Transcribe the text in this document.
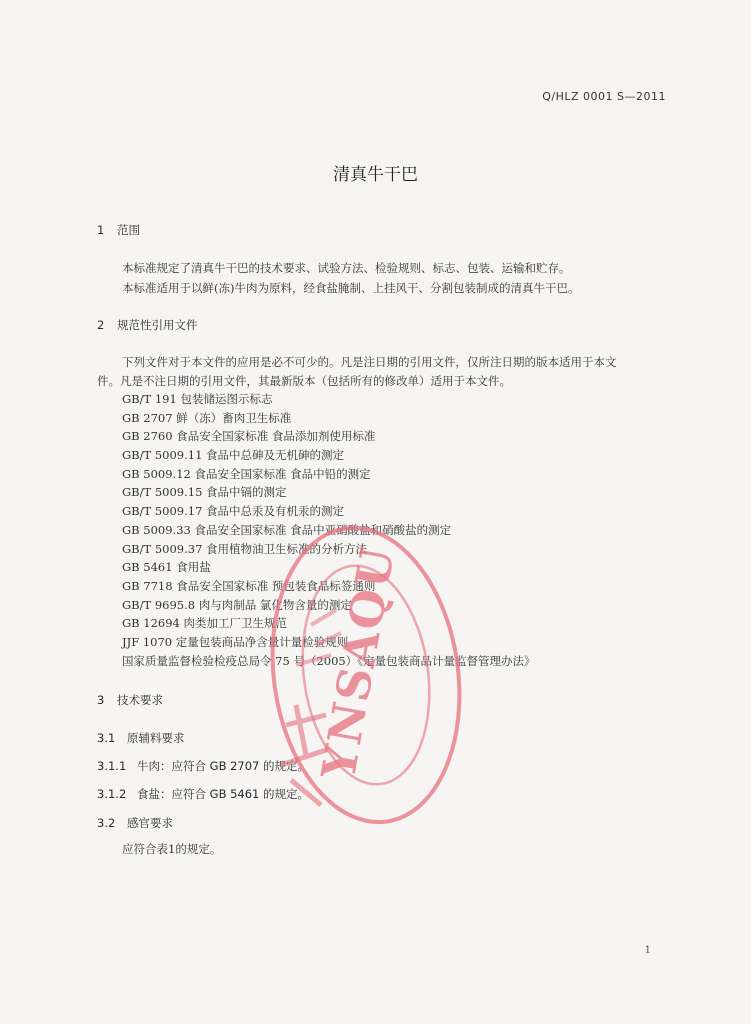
Q/HLZ 0001 S—2011
清真牛干巴
1 范围
本标准规定了清真牛干巴的技术要求、试验方法、检验规则、标志、包装、运输和贮存。
本标准适用于以鲜(冻)牛肉为原料，经食盐腌制、上挂风干、分割包装制成的清真牛干巴。
2 规范性引用文件
下列文件对于本文件的应用是必不可少的。凡是注日期的引用文件，仅所注日期的版本适用于本文
件。凡是不注日期的引用文件，其最新版本（包括所有的修改单）适用于本文件。
GB/T 191 包装储运图示标志
GB 2707 鲜（冻）畜肉卫生标准
GB 2760 食品安全国家标准 食品添加剂使用标准
GB/T 5009.11 食品中总砷及无机砷的测定
GB 5009.12 食品安全国家标准 食品中铅的测定
GB/T 5009.15 食品中镉的测定
GB/T 5009.17 食品中总汞及有机汞的测定
GB 5009.33 食品安全国家标准 食品中亚硝酸盐和硝酸盐的测定
GB/T 5009.37 食用植物油卫生标准的分析方法
GB 5461 食用盐
GB 7718 食品安全国家标准 预包装食品标签通则
GB/T 9695.8 肉与肉制品 氯化物含量的测定
GB 12694 肉类加工厂卫生规范
JJF 1070 定量包装商品净含量计量检验规则
国家质量监督检验检疫总局令 75 号（2005）《定量包装商品计量监督管理办法》
3 技术要求
3.1 原辅料要求
3.1.1 牛肉：应符合 GB 2707 的规定。
3.1.2 食盐：应符合 GB 5461 的规定。
3.2 感官要求
应符合表1的规定。
1
YNSAQU
